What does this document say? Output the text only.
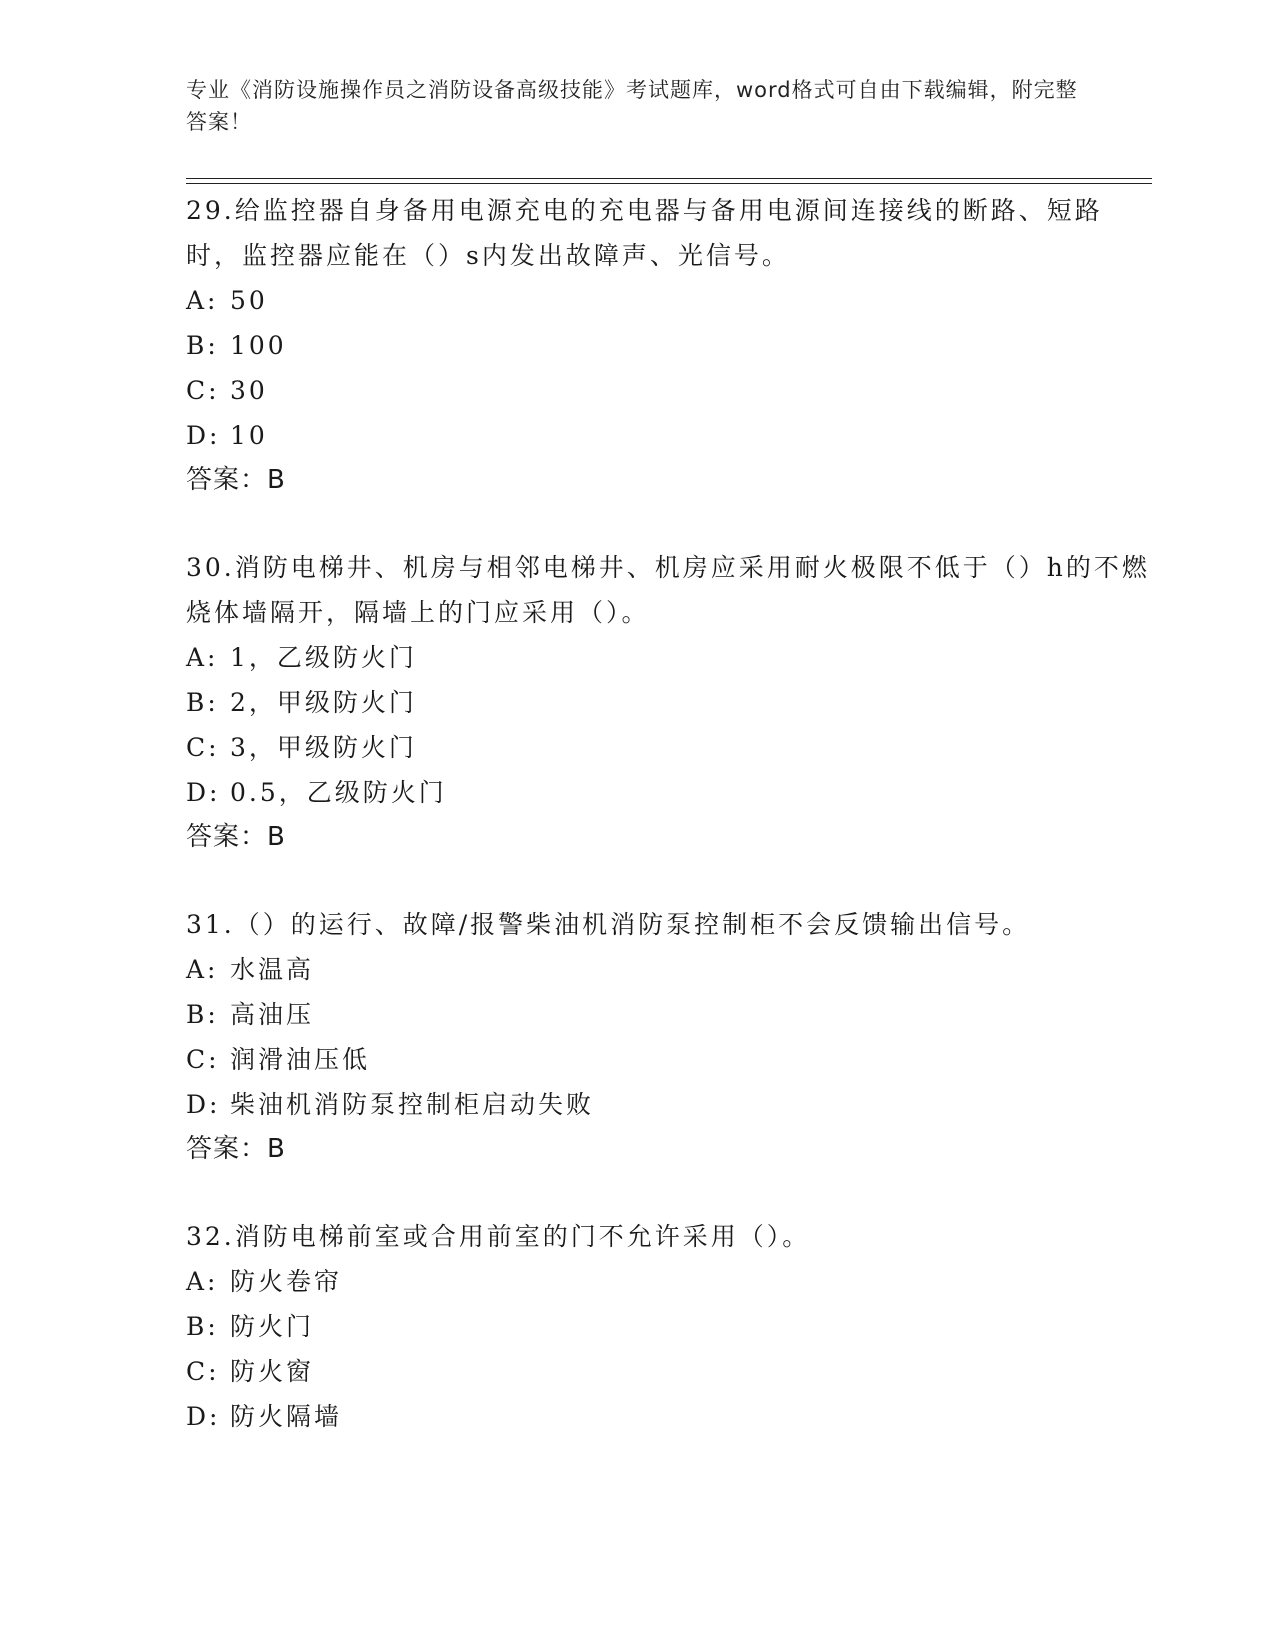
专业《消防设施操作员之消防设备高级技能》考试题库，word格式可自由下载编辑，附完整答案！

29.给监控器自身备用电源充电的充电器与备用电源间连接线的断路、短路时，监控器应能在（）s内发出故障声、光信号。

A: 50
B: 100
C: 30
D: 10
答案：B

30.消防电梯井、机房与相邻电梯井、机房应采用耐火极限不低于（）h的不燃烧体墙隔开，隔墙上的门应采用（）。

A: 1，乙级防火门
B: 2，甲级防火门
C: 3，甲级防火门
D: 0.5，乙级防火门
答案：B

31.（）的运行、故障/报警柴油机消防泵控制柜不会反馈输出信号。

A: 水温高
B: 高油压
C: 润滑油压低
D: 柴油机消防泵控制柜启动失败
答案：B

32.消防电梯前室或合用前室的门不允许采用（）。

A: 防火卷帘
B: 防火门
C: 防火窗
D: 防火隔墙
